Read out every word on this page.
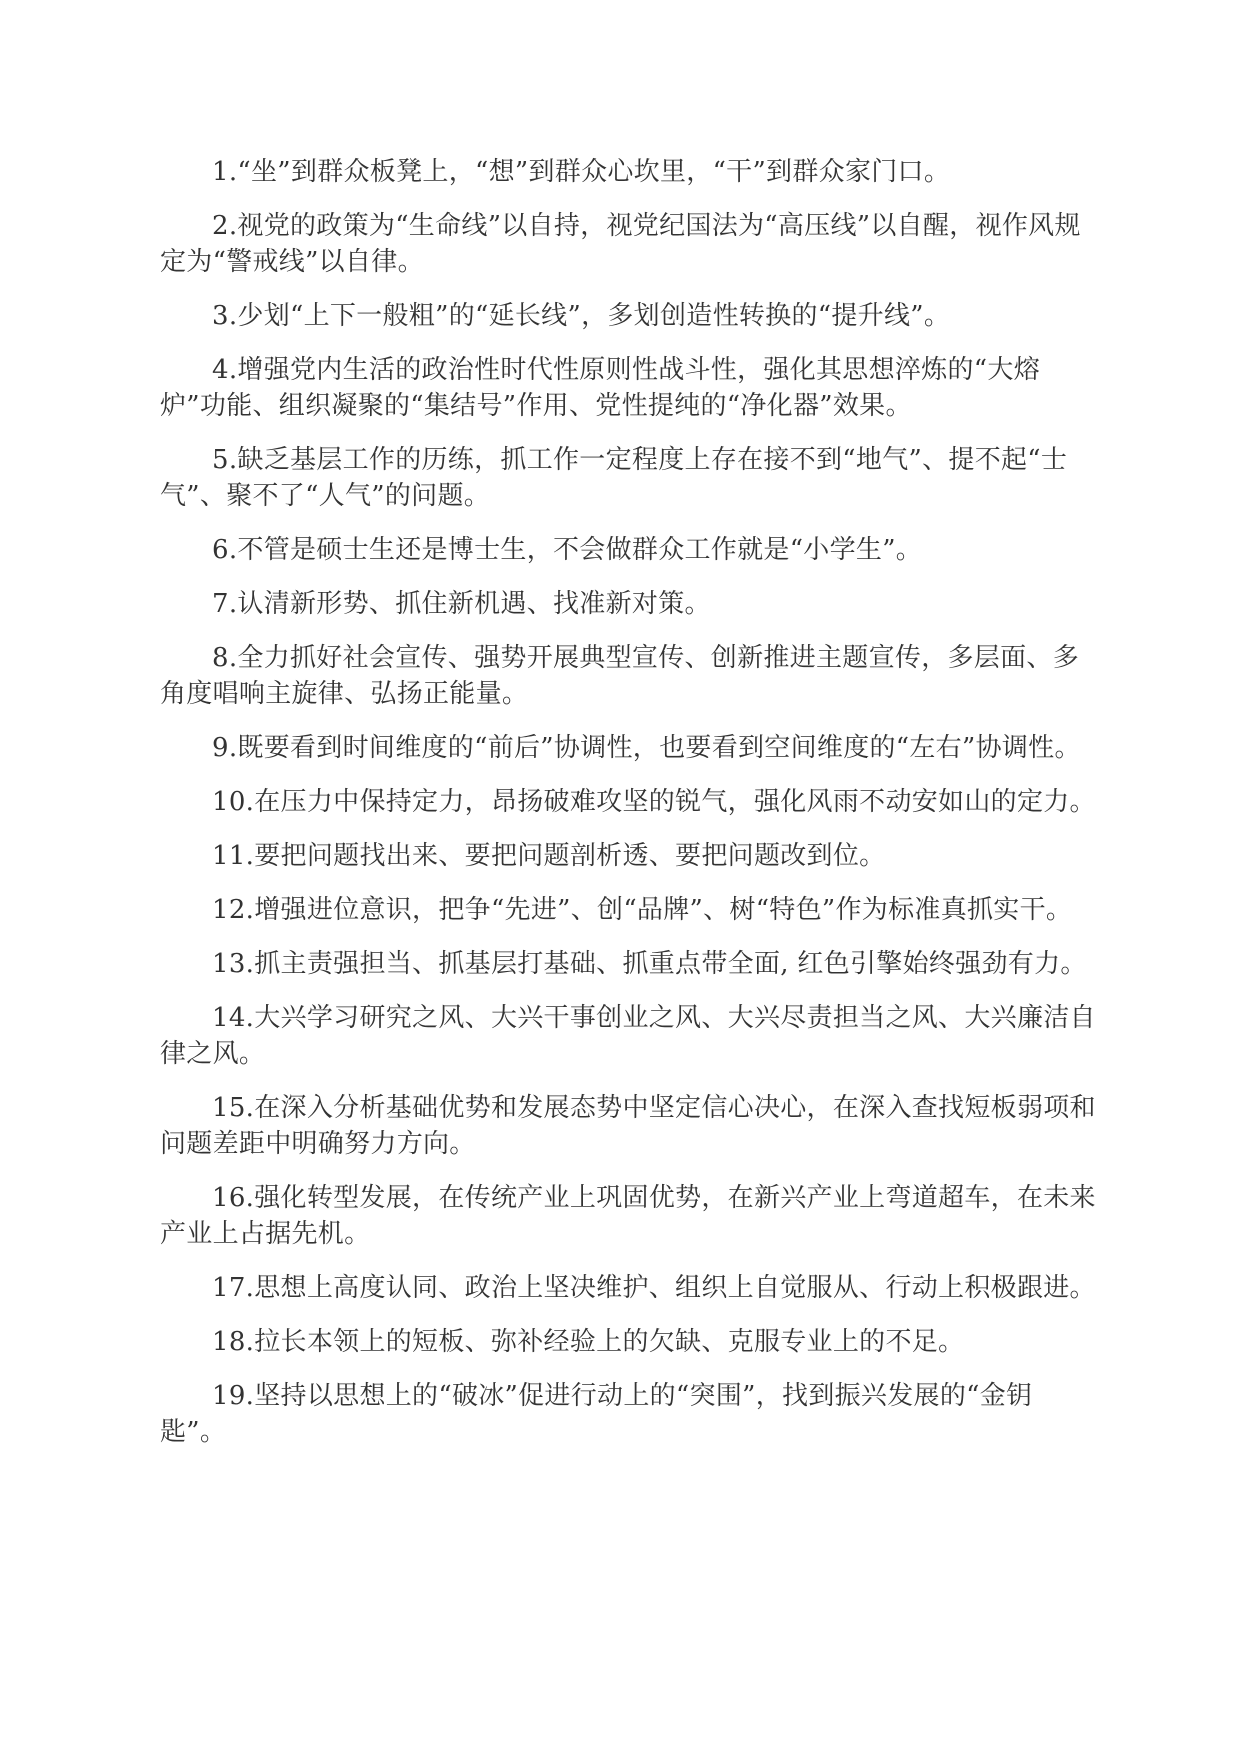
1.“坐”到群众板凳上，“想”到群众心坎里，“干”到群众家门口。

2.视党的政策为“生命线”以自持，视党纪国法为“高压线”以自醒，视作风规定为“警戒线”以自律。

3.少划“上下一般粗”的“延长线”，多划创造性转换的“提升线”。

4.增强党内生活的政治性时代性原则性战斗性，强化其思想淬炼的“大熔炉”功能、组织凝聚的“集结号”作用、党性提纯的“净化器”效果。

5.缺乏基层工作的历练，抓工作一定程度上存在接不到“地气”、提不起“士气”、聚不了“人气”的问题。

6.不管是硕士生还是博士生，不会做群众工作就是“小学生”。

7.认清新形势、抓住新机遇、找准新对策。

8.全力抓好社会宣传、强势开展典型宣传、创新推进主题宣传，多层面、多角度唱响主旋律、弘扬正能量。

9.既要看到时间维度的“前后”协调性，也要看到空间维度的“左右”协调性。

10.在压力中保持定力，昂扬破难攻坚的锐气，强化风雨不动安如山的定力。

11.要把问题找出来、要把问题剖析透、要把问题改到位。

12.增强进位意识，把争“先进”、创“品牌”、树“特色”作为标准真抓实干。

13.抓主责强担当、抓基层打基础、抓重点带全面, 红色引擎始终强劲有力。

14.大兴学习研究之风、大兴干事创业之风、大兴尽责担当之风、大兴廉洁自律之风。

15.在深入分析基础优势和发展态势中坚定信心决心，在深入查找短板弱项和问题差距中明确努力方向。

16.强化转型发展，在传统产业上巩固优势，在新兴产业上弯道超车，在未来产业上占据先机。

17.思想上高度认同、政治上坚决维护、组织上自觉服从、行动上积极跟进。

18.拉长本领上的短板、弥补经验上的欠缺、克服专业上的不足。

19.坚持以思想上的“破冰”促进行动上的“突围”，找到振兴发展的“金钥匙”。
